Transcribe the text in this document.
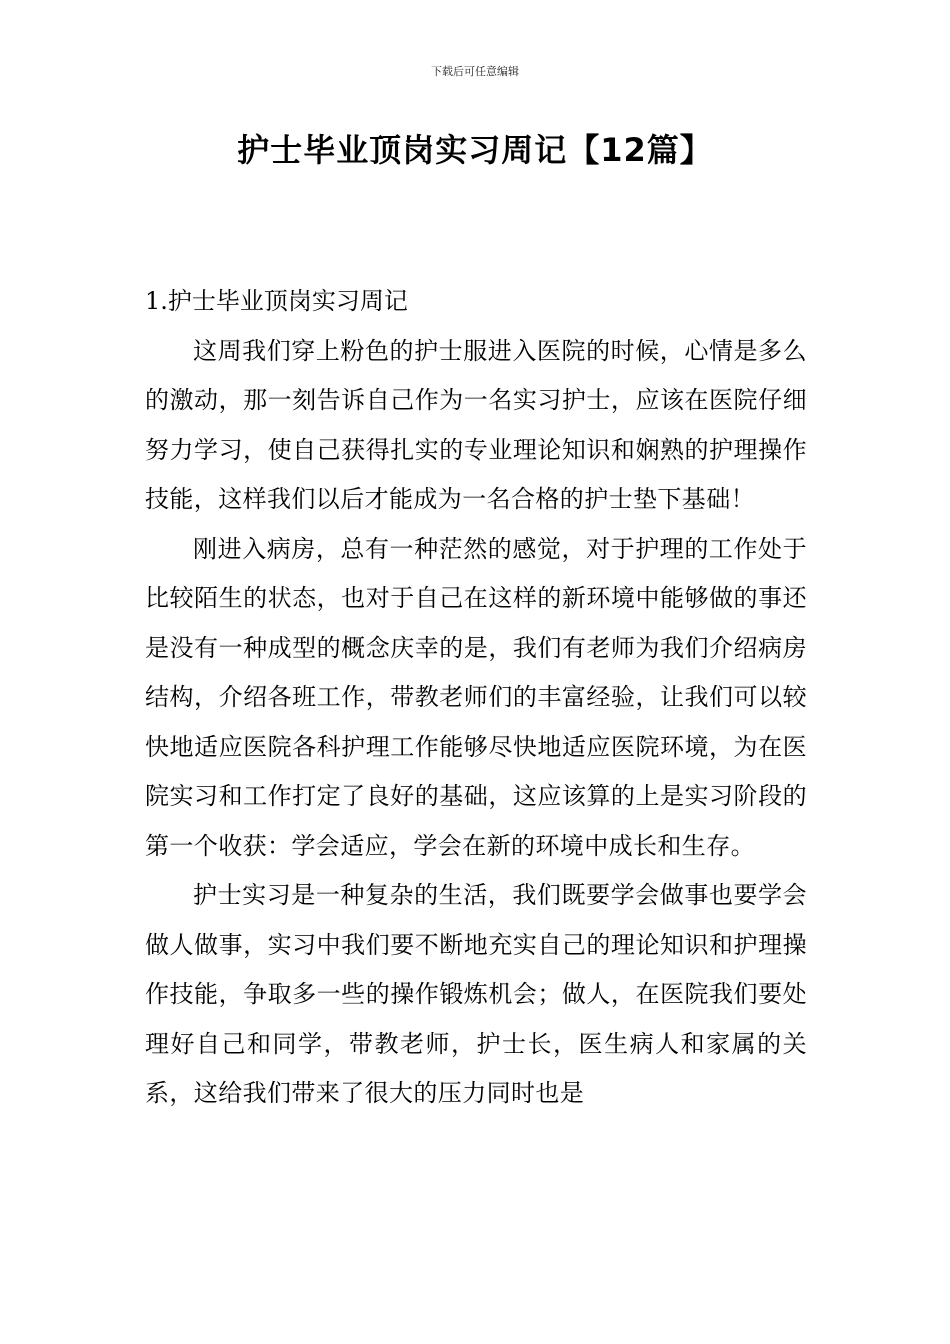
下载后可任意编辑
护士毕业顶岗实习周记【12篇】
1.护士毕业顶岗实习周记

这周我们穿上粉色的护士服进入医院的时候，心情是多么的激动，那一刻告诉自己作为一名实习护士，应该在医院仔细努力学习，使自己获得扎实的专业理论知识和娴熟的护理操作技能，这样我们以后才能成为一名合格的护士垫下基础！

刚进入病房，总有一种茫然的感觉，对于护理的工作处于比较陌生的状态，也对于自己在这样的新环境中能够做的事还是没有一种成型的概念庆幸的是，我们有老师为我们介绍病房结构，介绍各班工作，带教老师们的丰富经验，让我们可以较快地适应医院各科护理工作能够尽快地适应医院环境，为在医院实习和工作打定了良好的基础，这应该算的上是实习阶段的第一个收获：学会适应，学会在新的环境中成长和生存。

护士实习是一种复杂的生活，我们既要学会做事也要学会做人做事，实习中我们要不断地充实自己的理论知识和护理操作技能，争取多一些的操作锻炼机会；做人，在医院我们要处理好自己和同学，带教老师，护士长，医生病人和家属的关系，这给我们带来了很大的压力同时也是
